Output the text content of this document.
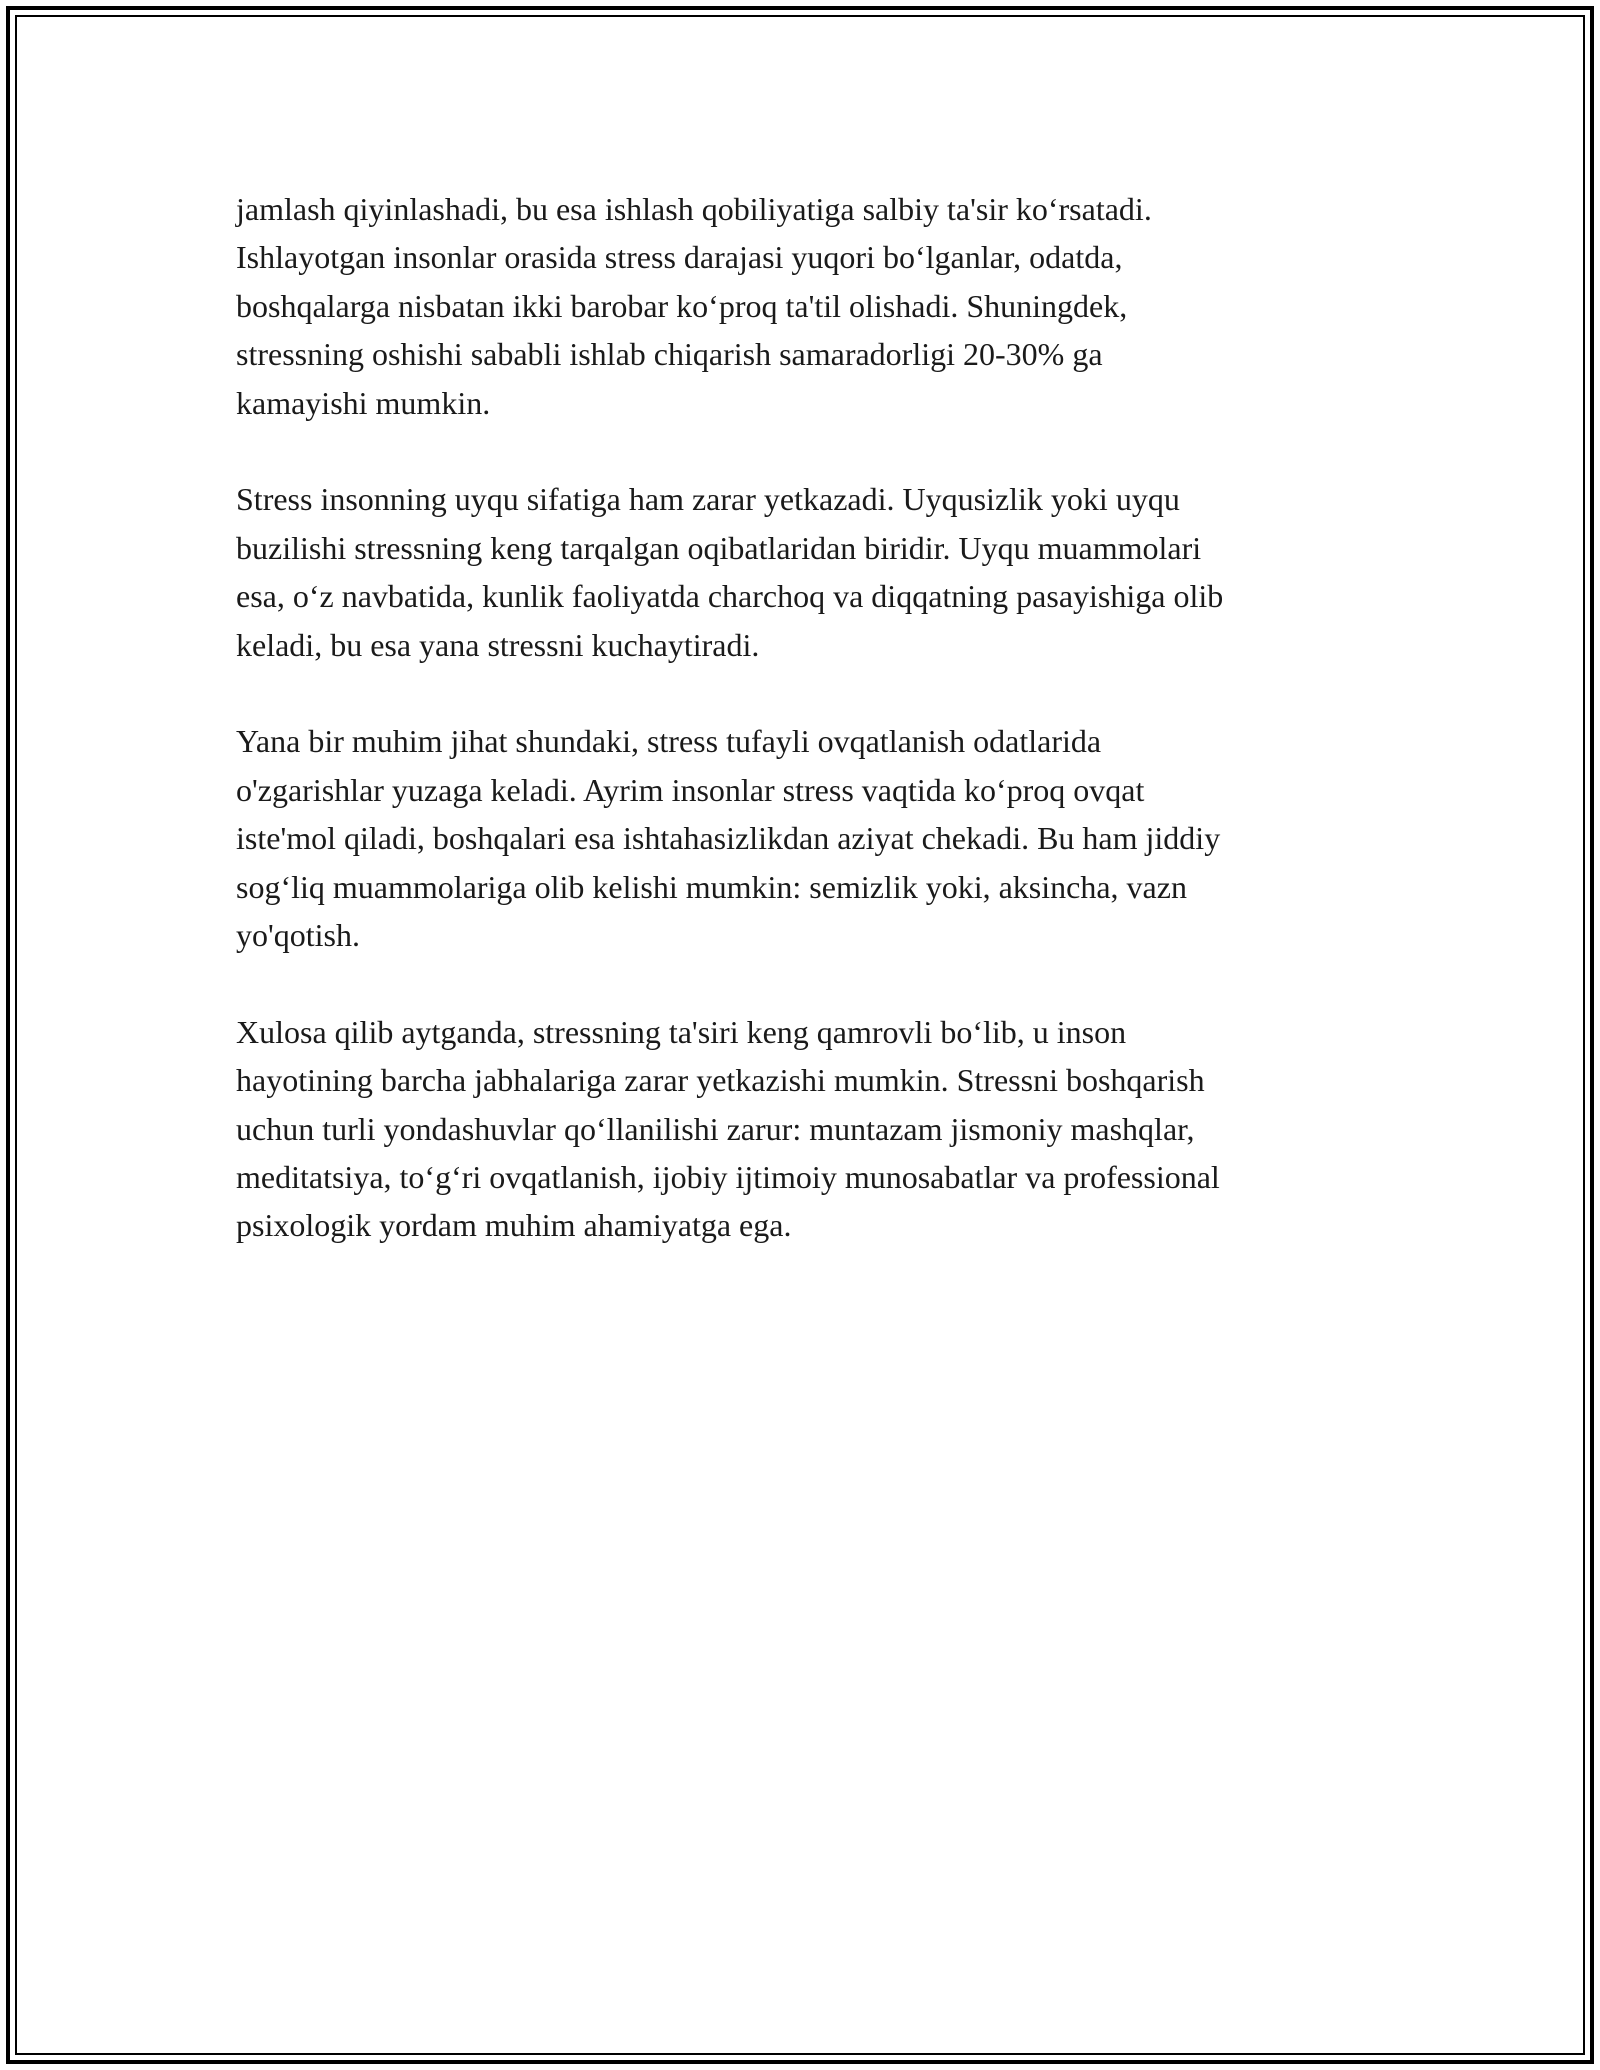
jamlash qiyinlashadi, bu esa ishlash qobiliyatiga salbiy ta'sir ko‘rsatadi.
Ishlayotgan insonlar orasida stress darajasi yuqori bo‘lganlar, odatda,
boshqalarga nisbatan ikki barobar ko‘proq ta'til olishadi. Shuningdek,
stressning oshishi sababli ishlab chiqarish samaradorligi 20-30% ga
kamayishi mumkin.

Stress insonning uyqu sifatiga ham zarar yetkazadi. Uyqusizlik yoki uyqu
buzilishi stressning keng tarqalgan oqibatlaridan biridir. Uyqu muammolari
esa, o‘z navbatida, kunlik faoliyatda charchoq va diqqatning pasayishiga olib
keladi, bu esa yana stressni kuchaytiradi.

Yana bir muhim jihat shundaki, stress tufayli ovqatlanish odatlarida
o'zgarishlar yuzaga keladi. Ayrim insonlar stress vaqtida ko‘proq ovqat
iste'mol qiladi, boshqalari esa ishtahasizlikdan aziyat chekadi. Bu ham jiddiy
sog‘liq muammolariga olib kelishi mumkin: semizlik yoki, aksincha, vazn
yo'qotish.

Xulosa qilib aytganda, stressning ta'siri keng qamrovli bo‘lib, u inson
hayotining barcha jabhalariga zarar yetkazishi mumkin. Stressni boshqarish
uchun turli yondashuvlar qo‘llanilishi zarur: muntazam jismoniy mashqlar,
meditatsiya, to‘g‘ri ovqatlanish, ijobiy ijtimoiy munosabatlar va professional
psixologik yordam muhim ahamiyatga ega.
